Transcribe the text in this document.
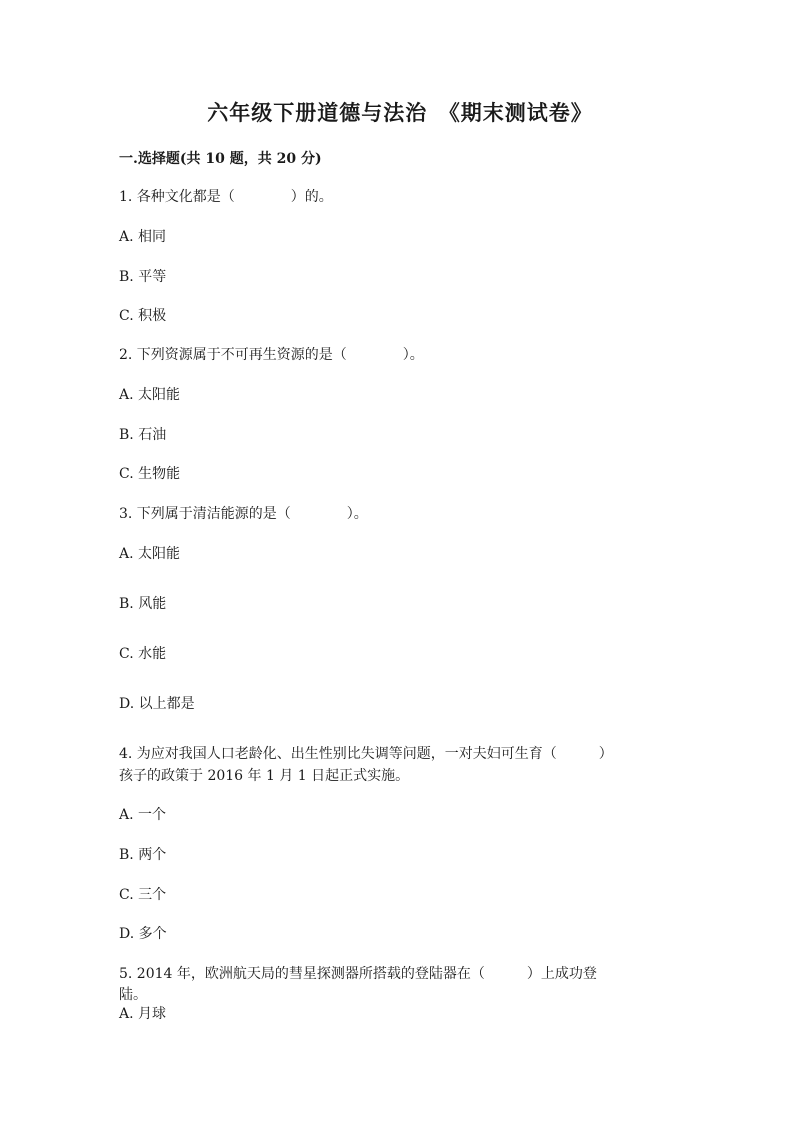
六年级下册道德与法治　《期末测试卷》
一.选择题(共 10 题，共 20 分)
1. 各种文化都是（　　　　）的。
A. 相同
B. 平等
C. 积极
2. 下列资源属于不可再生资源的是（　　　　）。
A. 太阳能
B. 石油
C. 生物能
3. 下列属于清洁能源的是（　　　　）。
A. 太阳能
B. 风能
C. 水能
D. 以上都是
4. 为应对我国人口老龄化、出生性别比失调等问题，一对夫妇可生育（　　　）
孩子的政策于 2016 年 1 月 1 日起正式实施。
A. 一个
B. 两个
C. 三个
D. 多个
5. 2014 年，欧洲航天局的彗星探测器所搭载的登陆器在（　　　）上成功登
陆。
A. 月球
